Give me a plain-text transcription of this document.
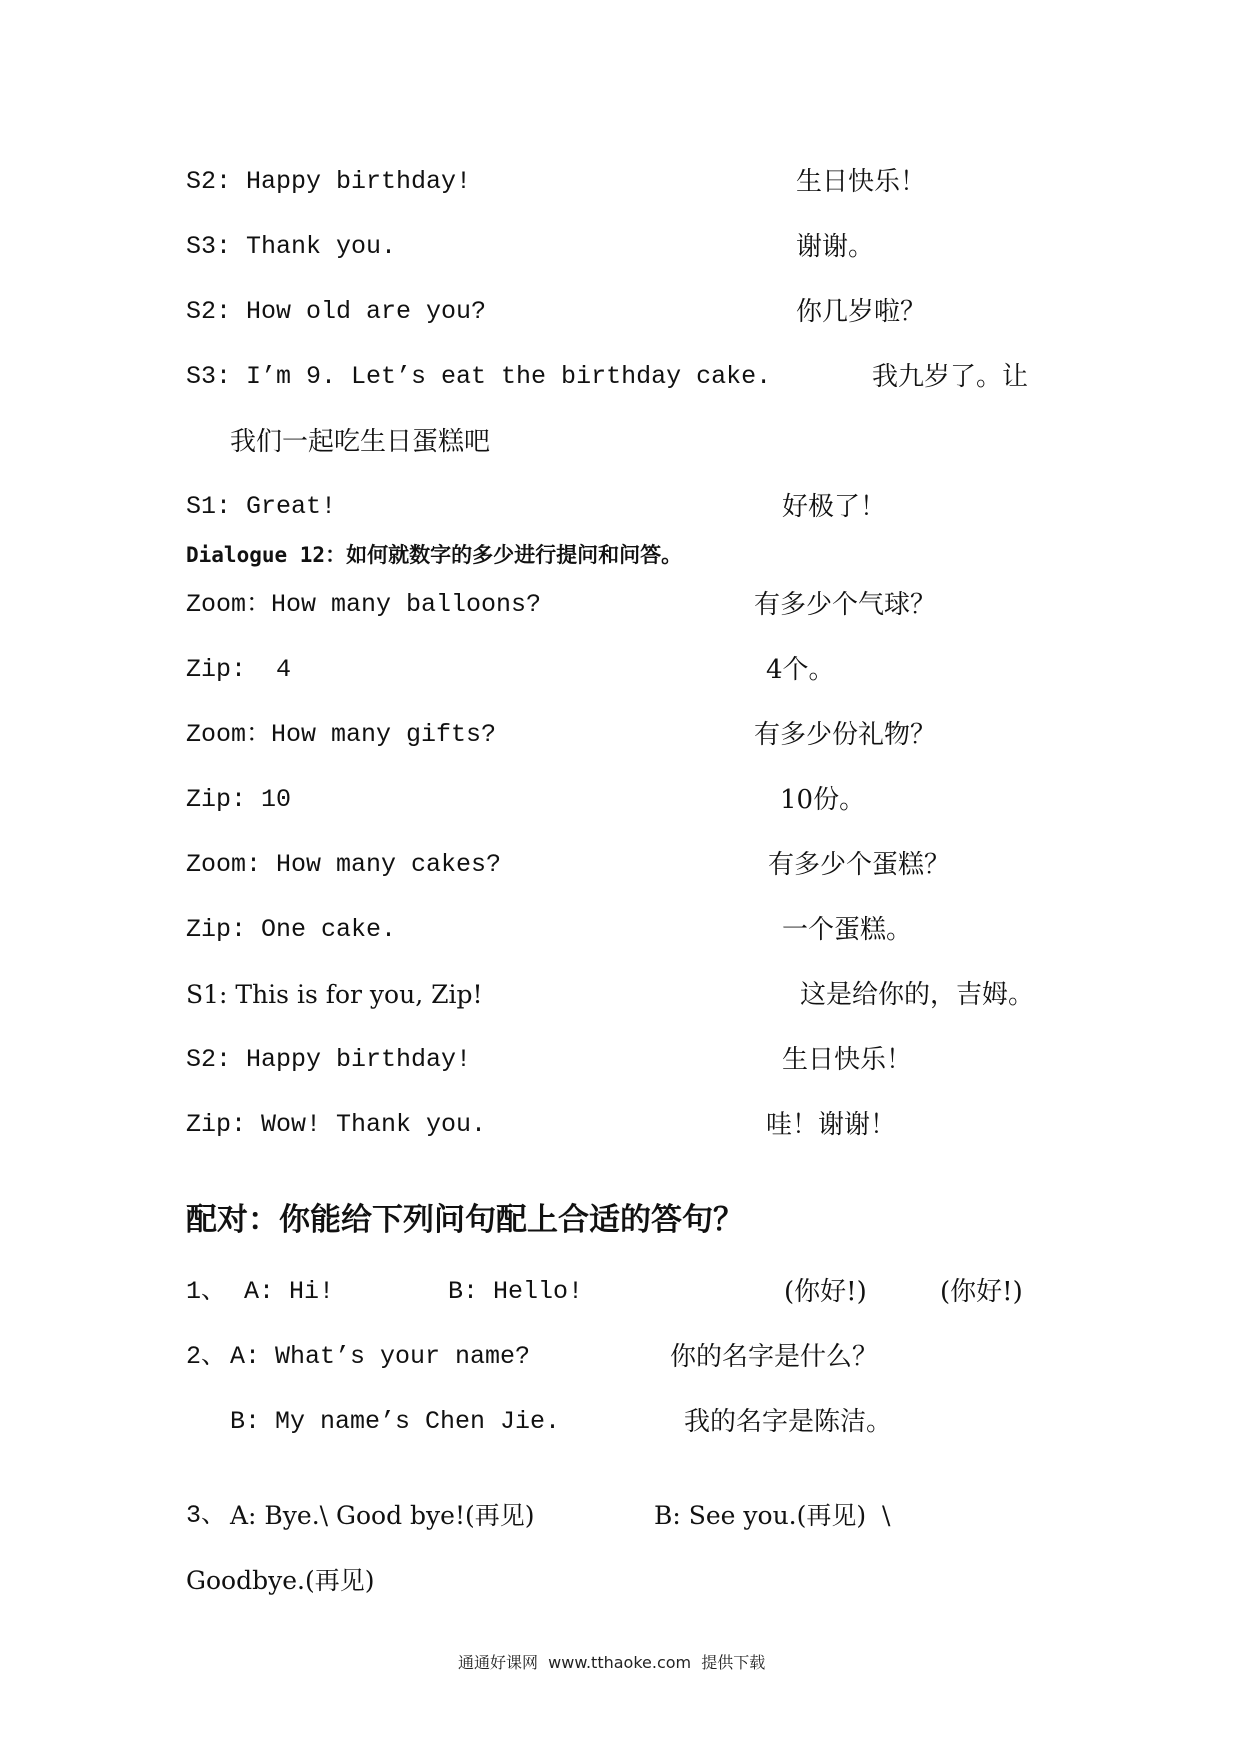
S2: Happy birthday!	生日快乐！
S3: Thank you.	谢谢。
S2: How old are you?	你几岁啦？
S3: I’m 9. Let’s eat the birthday cake.	我九岁了。让
我们一起吃生日蛋糕吧
S1: Great!	好极了！
Dialogue 12：如何就数字的多少进行提问和问答。
Zoom：How many balloons?	有多少个气球？
Zip:  4	4个。
Zoom：How many gifts?	有多少份礼物？
Zip: 10	10份。
Zoom: How many cakes?	有多少个蛋糕？
Zip: One cake.	一个蛋糕。
S1: This is for you, Zip!	这是给你的，吉姆。
S2: Happy birthday!	生日快乐！
Zip: Wow! Thank you.	哇！谢谢！
配对：你能给下列问句配上合适的答句？
1、 A: Hi!	B: Hello!	(你好!)	(你好!)
2、 A: What’s your name?	你的名字是什么？
B: My name’s Chen Jie.	我的名字是陈洁。
3、 A: Bye.\ Good bye!(再见)	B: See you.(再见)  \
Goodbye.(再见)
通通好课网  www.tthaoke.com  提供下载
